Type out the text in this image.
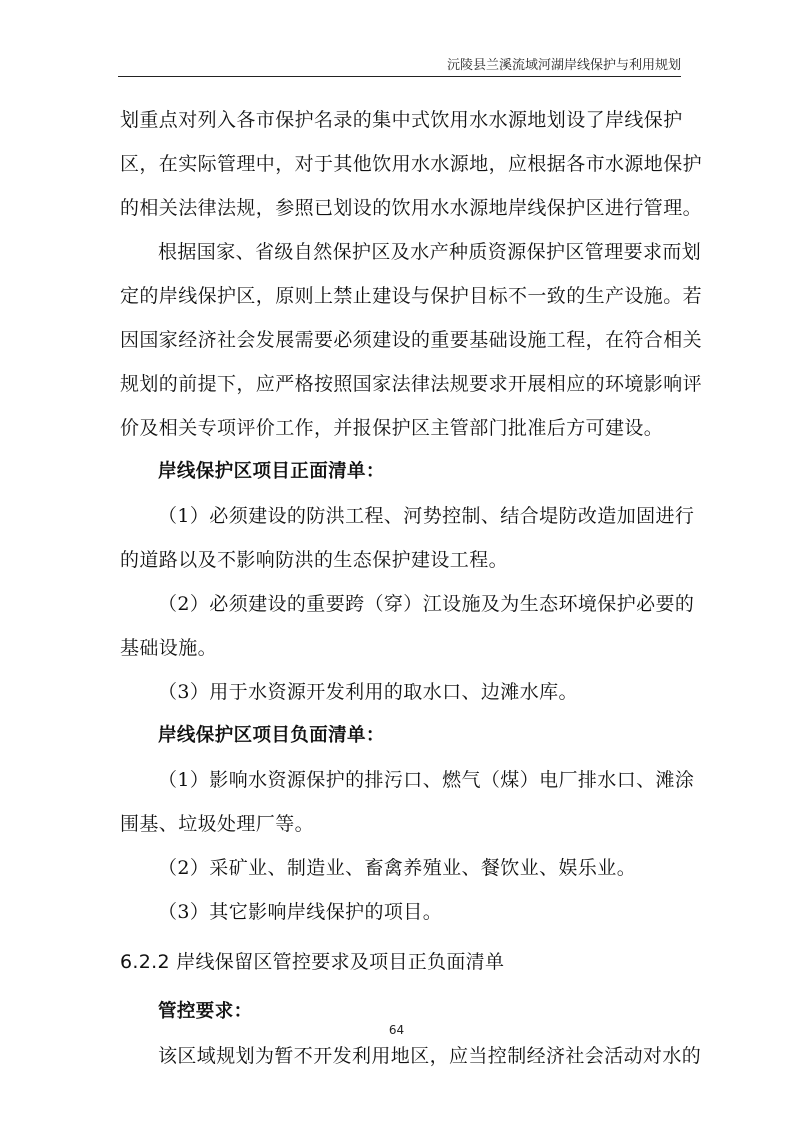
沅陵县兰溪流域河湖岸线保护与利用规划

划重点对列入各市保护名录的集中式饮用水水源地划设了岸线保护

区，在实际管理中，对于其他饮用水水源地，应根据各市水源地保护

的相关法律法规，参照已划设的饮用水水源地岸线保护区进行管理。

根据国家、省级自然保护区及水产种质资源保护区管理要求而划

定的岸线保护区，原则上禁止建设与保护目标不一致的生产设施。若

因国家经济社会发展需要必须建设的重要基础设施工程，在符合相关

规划的前提下，应严格按照国家法律法规要求开展相应的环境影响评

价及相关专项评价工作，并报保护区主管部门批准后方可建设。

岸线保护区项目正面清单：

（1）必须建设的防洪工程、河势控制、结合堤防改造加固进行

的道路以及不影响防洪的生态保护建设工程。

（2）必须建设的重要跨（穿）江设施及为生态环境保护必要的

基础设施。

（3）用于水资源开发利用的取水口、边滩水库。

岸线保护区项目负面清单：

（1）影响水资源保护的排污口、燃气（煤）电厂排水口、滩涂

围基、垃圾处理厂等。

（2）采矿业、制造业、畜禽养殖业、餐饮业、娱乐业。

（3）其它影响岸线保护的项目。

6.2.2 岸线保留区管控要求及项目正负面清单

管控要求：

该区域规划为暂不开发利用地区，应当控制经济社会活动对水的

64
